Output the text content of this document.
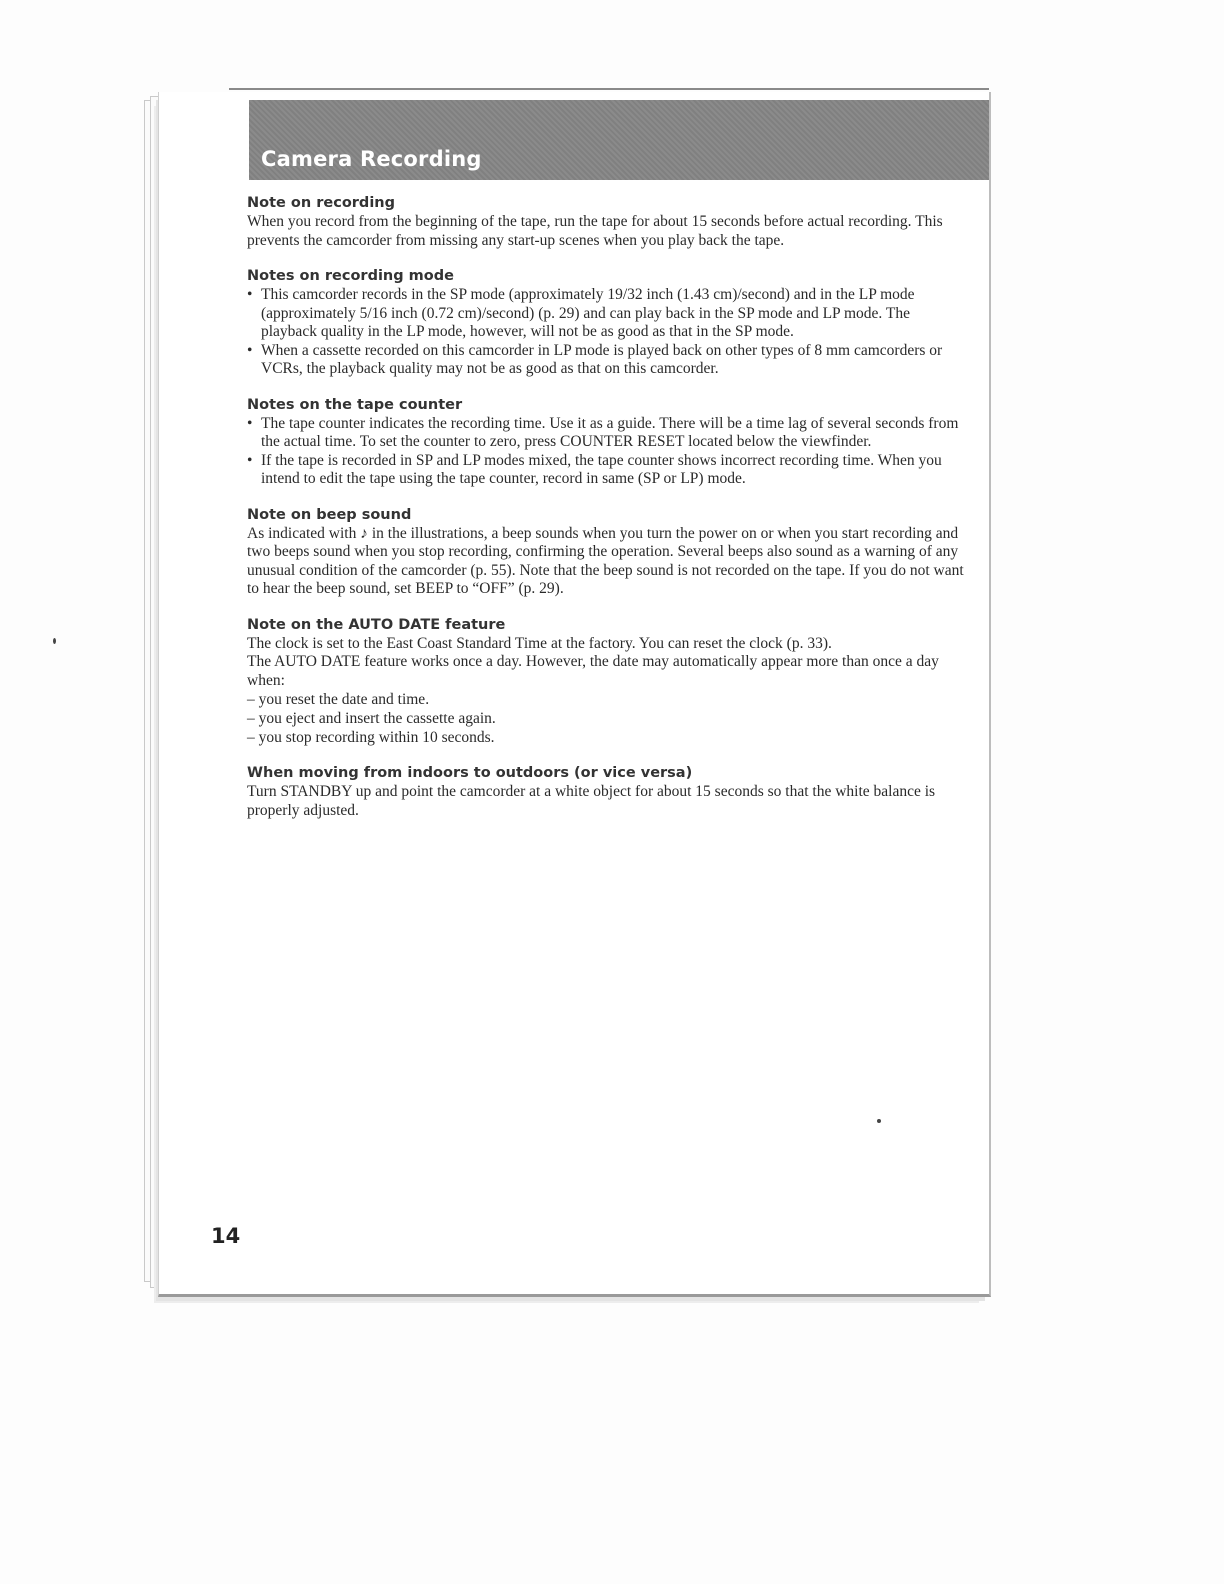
Camera Recording
Note on recording

When you record from the beginning of the tape, run the tape for about 15 seconds before actual recording. This prevents the camcorder from missing any start-up scenes when you play back the tape.

Notes on recording mode
• This camcorder records in the SP mode (approximately 19/32 inch (1.43 cm)/second) and in the LP mode (approximately 5/16 inch (0.72 cm)/second) (p. 29) and can play back in the SP mode and LP mode. The playback quality in the LP mode, however, will not be as good as that in the SP mode.
• When a cassette recorded on this camcorder in LP mode is played back on other types of 8 mm camcorders or VCRs, the playback quality may not be as good as that on this camcorder.
Notes on the tape counter
• The tape counter indicates the recording time. Use it as a guide. There will be a time lag of several seconds from the actual time. To set the counter to zero, press COUNTER RESET located below the viewfinder.
• If the tape is recorded in SP and LP modes mixed, the tape counter shows incorrect recording time. When you intend to edit the tape using the tape counter, record in same (SP or LP) mode.
Note on beep sound

As indicated with ♪ in the illustrations, a beep sounds when you turn the power on or when you start recording and two beeps sound when you stop recording, confirming the operation. Several beeps also sound as a warning of any unusual condition of the camcorder (p. 55). Note that the beep sound is not recorded on the tape. If you do not want to hear the beep sound, set BEEP to “OFF” (p. 29).

Note on the AUTO DATE feature

The clock is set to the East Coast Standard Time at the factory. You can reset the clock (p. 33).

The AUTO DATE feature works once a day. However, the date may automatically appear more than once a day when:

– you reset the date and time.
– you eject and insert the cassette again.
– you stop recording within 10 seconds.
When moving from indoors to outdoors (or vice versa)

Turn STANDBY up and point the camcorder at a white object for about 15 seconds so that the white balance is properly adjusted.

14
